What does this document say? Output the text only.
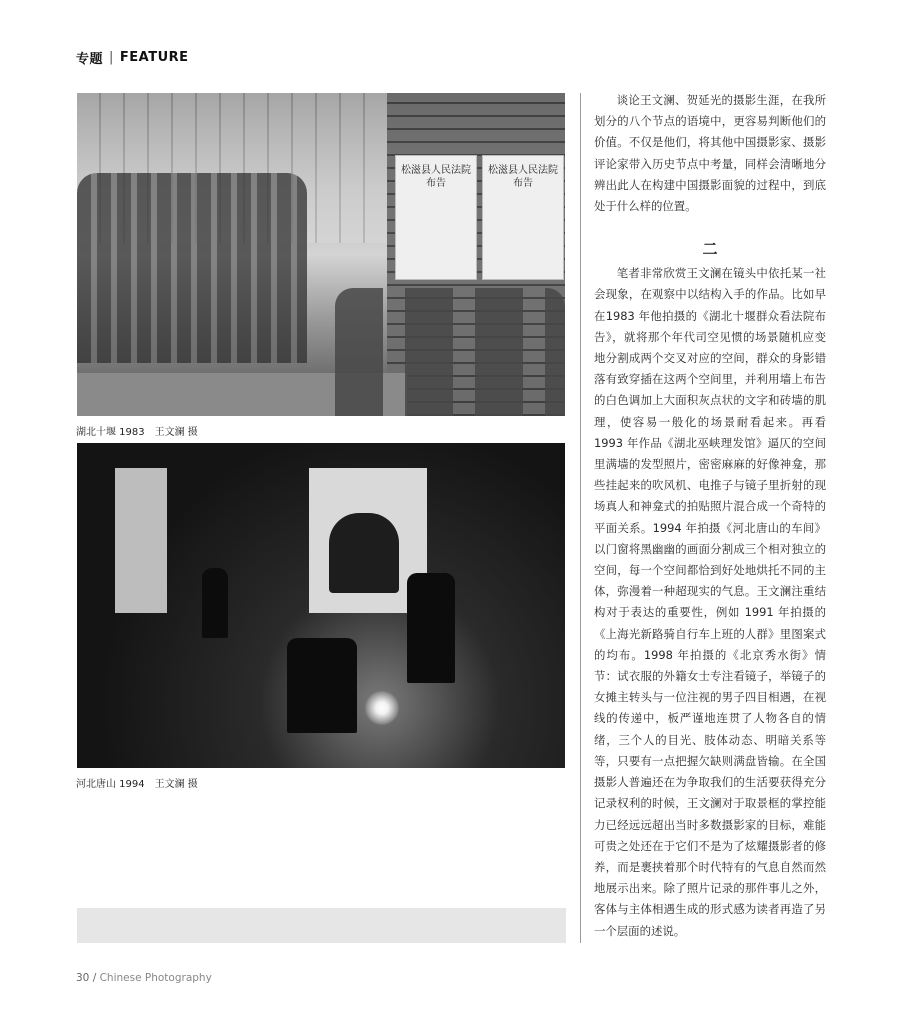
专题 | FEATURE
松滋县人民法院
布告
松滋县人民法院
布告
湖北十堰 1983　王文澜 摄
河北唐山 1994　王文澜 摄

谈论王文澜、贺延光的摄影生涯，在我所划分的八个节点的语境中，更容易判断他们的价值。不仅是他们，将其他中国摄影家、摄影评论家带入历史节点中考量，同样会清晰地分辨出此人在构建中国摄影面貌的过程中，到底处于什么样的位置。

二

笔者非常欣赏王文澜在镜头中依托某一社会现象，在观察中以结构入手的作品。比如早在1983 年他拍摄的《湖北十堰群众看法院布告》，就将那个年代司空见惯的场景随机应变地分割成两个交叉对应的空间，群众的身影错落有致穿插在这两个空间里，并利用墙上布告的白色调加上大面积灰点状的文字和砖墙的肌理，使容易一般化的场景耐看起来。再看 1993 年作品《湖北巫峡理发馆》逼仄的空间里满墙的发型照片，密密麻麻的好像神龛，那些挂起来的吹风机、电推子与镜子里折射的现场真人和神龛式的拍贴照片混合成一个奇特的平面关系。1994 年拍摄《河北唐山的车间》以门窗将黑幽幽的画面分割成三个相对独立的空间，每一个空间都恰到好处地烘托不同的主体，弥漫着一种超现实的气息。王文澜注重结构对于表达的重要性，例如 1991 年拍摄的《上海光新路骑自行车上班的人群》里图案式的均布。1998 年拍摄的《北京秀水街》情节：试衣服的外籍女士专注看镜子，举镜子的女摊主转头与一位注视的男子四目相遇，在视线的传递中，板严谨地连贯了人物各自的情绪，三个人的目光、肢体动态、明暗关系等等，只要有一点把握欠缺则满盘皆输。在全国摄影人普遍还在为争取我们的生活要获得充分记录权利的时候，王文澜对于取景框的掌控能力已经远远超出当时多数摄影家的目标，难能可贵之处还在于它们不是为了炫耀摄影者的修养，而是裹挟着那个时代特有的气息自然而然地展示出来。除了照片记录的那件事儿之外，客体与主体相遇生成的形式感为读者再造了另一个层面的述说。

30 / Chinese Photography
